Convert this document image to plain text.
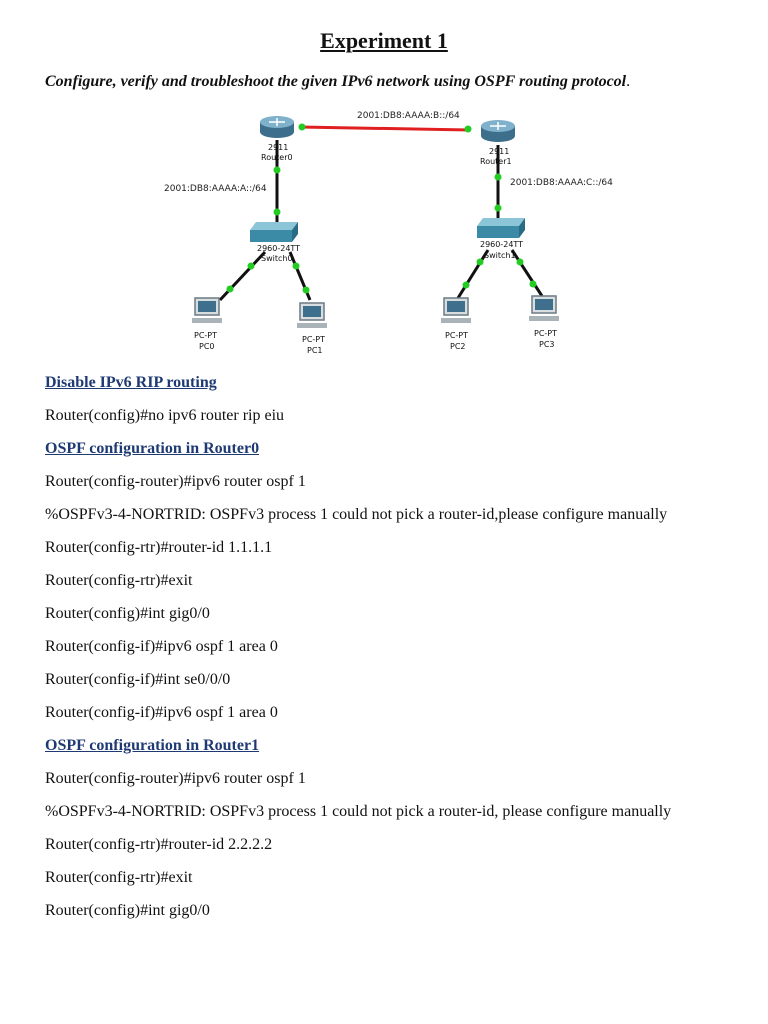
Experiment 1

Configure, verify and troubleshoot the given IPv6 network using OSPF routing protocol.

2001:DB8:AAAA:B::/64
2001:DB8:AAAA:A::/64
2001:DB8:AAAA:C::/64
2911
Router0
2911
Router1
2960-24TT
Switch0
2960-24TT
Switch1
PC-PT
PC0
PC-PT
PC1
PC-PT
PC2
PC-PT
PC3

Disable IPv6 RIP routing

Router(config)#no ipv6 router rip eiu

OSPF configuration in Router0

Router(config-router)#ipv6 router ospf 1

%OSPFv3-4-NORTRID: OSPFv3 process 1 could not pick a router-id,please configure manually

Router(config-rtr)#router-id 1.1.1.1

Router(config-rtr)#exit

Router(config)#int gig0/0

Router(config-if)#ipv6 ospf 1 area 0

Router(config-if)#int se0/0/0

Router(config-if)#ipv6 ospf 1 area 0

OSPF configuration in Router1

Router(config-router)#ipv6 router ospf 1

%OSPFv3-4-NORTRID: OSPFv3 process 1 could not pick a router-id, please configure manually

Router(config-rtr)#router-id 2.2.2.2

Router(config-rtr)#exit

Router(config)#int gig0/0
